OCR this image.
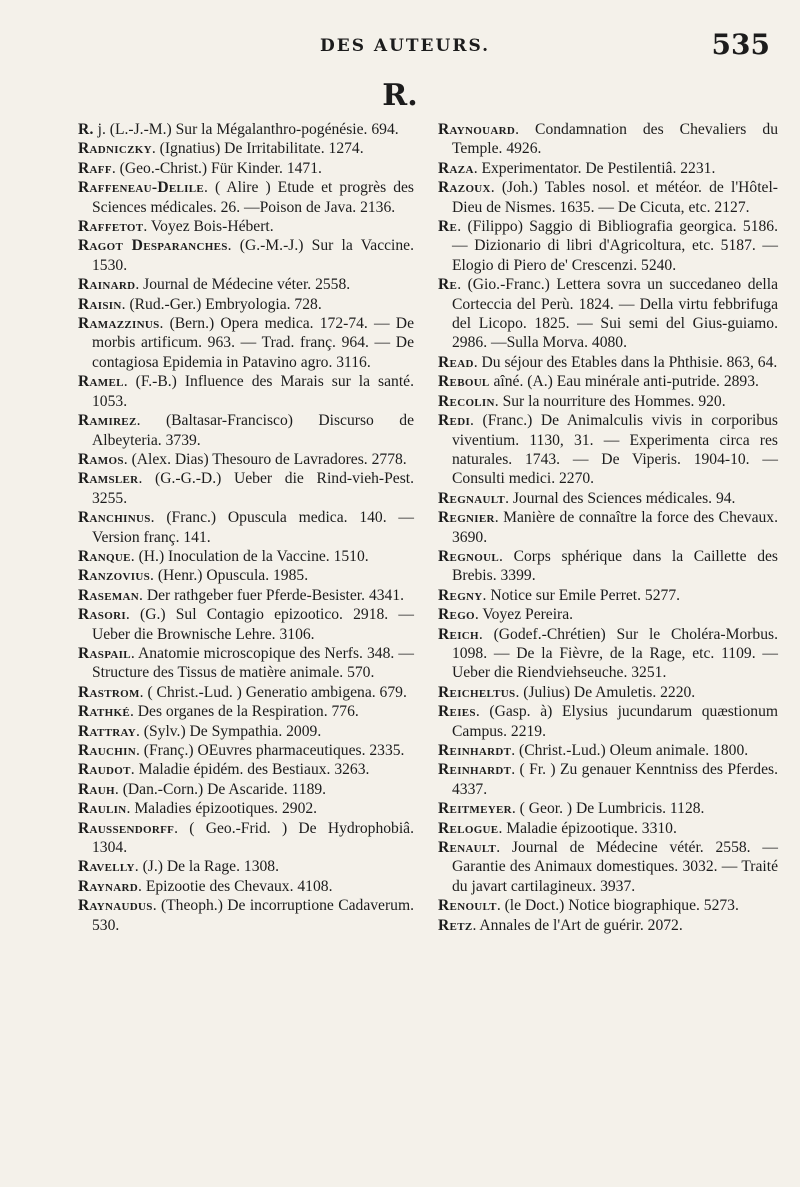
DES AUTEURS.	535
R.

R. j. (L.-J.-M.) Sur la Mégalanthro-pogénésie. 694.

Radniczky. (Ignatius) De Irritabilitate. 1274.

Raff. (Geo.-Christ.) Für Kinder. 1471.

Raffeneau-Delile. ( Alire ) Etude et progrès des Sciences médicales. 26. —Poison de Java. 2136.

Raffetot. Voyez Bois-Hébert.

Ragot Desparanches. (G.-M.-J.) Sur la Vaccine. 1530.

Rainard. Journal de Médecine véter. 2558.

Raisin. (Rud.-Ger.) Embryologia. 728.

Ramazzinus. (Bern.) Opera medica. 172-74. — De morbis artificum. 963. — Trad. franç. 964. — De contagiosa Epidemia in Patavino agro. 3116.

Ramel. (F.-B.) Influence des Marais sur la santé. 1053.

Ramirez. (Baltasar-Francisco) Discurso de Albeyteria. 3739.

Ramos. (Alex. Dias) Thesouro de Lavradores. 2778.

Ramsler. (G.-G.-D.) Ueber die Rind-vieh-Pest. 3255.

Ranchinus. (Franc.) Opuscula medica. 140. — Version franç. 141.

Ranque. (H.) Inoculation de la Vaccine. 1510.

Ranzovius. (Henr.) Opuscula. 1985.

Raseman. Der rathgeber fuer Pferde-Besister. 4341.

Rasori. (G.) Sul Contagio epizootico. 2918. —Ueber die Brownische Lehre. 3106.

Raspail. Anatomie microscopique des Nerfs. 348. —Structure des Tissus de matière animale. 570.

Rastrom. ( Christ.-Lud. ) Generatio ambigena. 679.

Rathké. Des organes de la Respiration. 776.

Rattray. (Sylv.) De Sympathia. 2009.

Rauchin. (Franç.) OEuvres pharmaceutiques. 2335.

Raudot. Maladie épidém. des Bestiaux. 3263.

Rauh. (Dan.-Corn.) De Ascaride. 1189.

Raulin. Maladies épizootiques. 2902.

Raussendorff. ( Geo.-Frid. ) De Hydrophobiâ. 1304.

Ravelly. (J.) De la Rage. 1308.

Raynard. Epizootie des Chevaux. 4108.

Raynaudus. (Theoph.) De incorruptione Cadaverum. 530.

Raynouard. Condamnation des Chevaliers du Temple. 4926.

Raza. Experimentator. De Pestilentiâ. 2231.

Razoux. (Joh.) Tables nosol. et météor. de l'Hôtel-Dieu de Nismes. 1635. — De Cicuta, etc. 2127.

Re. (Filippo) Saggio di Bibliografia georgica. 5186. — Dizionario di libri d'Agricoltura, etc. 5187. — Elogio di Piero de' Crescenzi. 5240.

Re. (Gio.-Franc.) Lettera sovra un succedaneo della Corteccia del Perù. 1824. — Della virtu febbrifuga del Licopo. 1825. — Sui semi del Gius-guiamo. 2986. —Sulla Morva. 4080.

Read. Du séjour des Etables dans la Phthisie. 863, 64.

Reboul aîné. (A.) Eau minérale anti-putride. 2893.

Recolin. Sur la nourriture des Hommes. 920.

Redi. (Franc.) De Animalculis vivis in corporibus viventium. 1130, 31. — Experimenta circa res naturales. 1743. — De Viperis. 1904-10. — Consulti medici. 2270.

Regnault. Journal des Sciences médicales. 94.

Regnier. Manière de connaître la force des Chevaux. 3690.

Regnoul. Corps sphérique dans la Caillette des Brebis. 3399.

Regny. Notice sur Emile Perret. 5277.

Rego. Voyez Pereira.

Reich. (Godef.-Chrétien) Sur le Choléra-Morbus. 1098. — De la Fièvre, de la Rage, etc. 1109. —Ueber die Riendviehseuche. 3251.

Reicheltus. (Julius) De Amuletis. 2220.

Reies. (Gasp. à) Elysius jucundarum quæstionum Campus. 2219.

Reinhardt. (Christ.-Lud.) Oleum animale. 1800.

Reinhardt. ( Fr. ) Zu genauer Kenntniss des Pferdes. 4337.

Reitmeyer. ( Geor. ) De Lumbricis. 1128.

Relogue. Maladie épizootique. 3310.

Renault. Journal de Médecine vétér. 2558. — Garantie des Animaux domestiques. 3032. — Traité du javart cartilagineux. 3937.

Renoult. (le Doct.) Notice biographique. 5273.

Retz. Annales de l'Art de guérir. 2072.
